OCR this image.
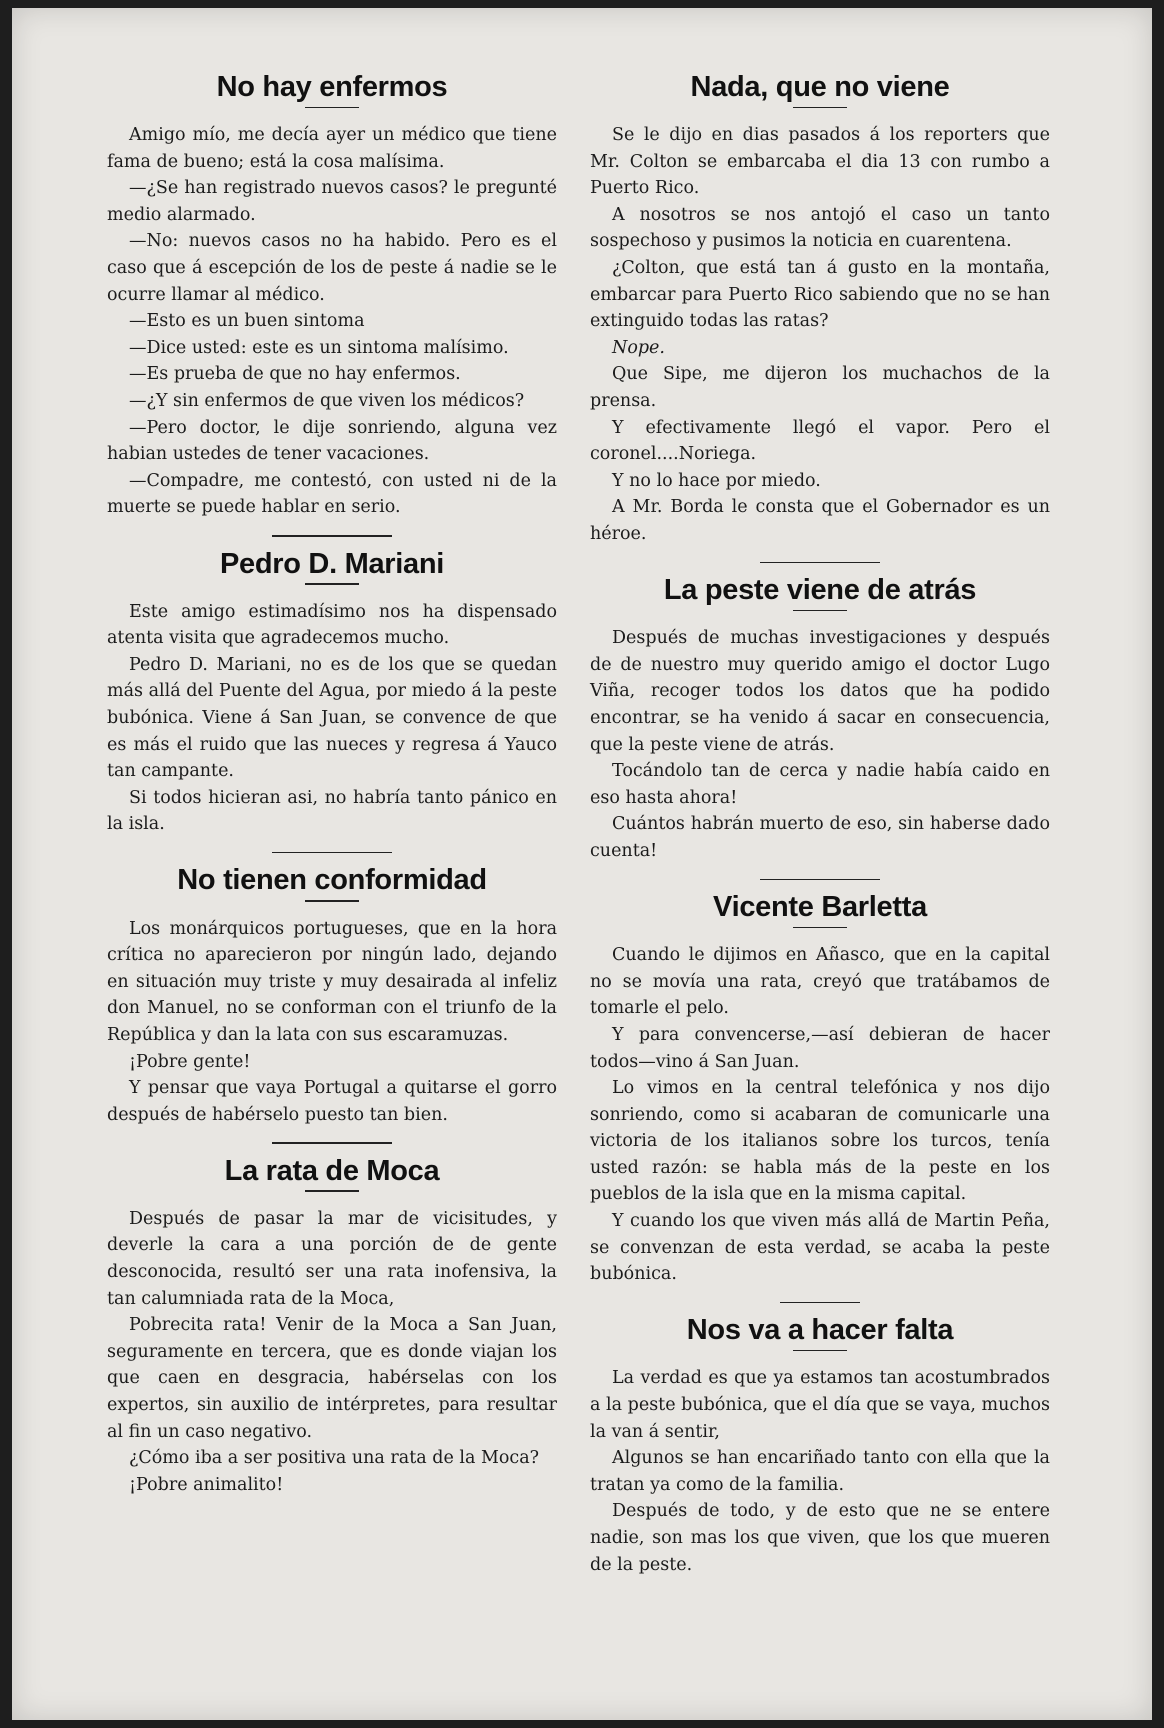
No hay enfermos

Amigo mío, me decía ayer un médico que tiene fama de bueno; está la cosa malísima.

—¿Se han registrado nuevos casos? le pregunté medio alarmado.

—No: nuevos casos no ha habido. Pero es el caso que á escepción de los de peste á nadie se le ocurre llamar al médico.

—Esto es un buen sintoma

—Dice usted: este es un sintoma malísimo.

—Es prueba de que no hay enfermos.

—¿Y sin enfermos de que viven los médicos?

—Pero doctor, le dije sonriendo, alguna vez habian ustedes de tener vacaciones.

—Compadre, me contestó, con usted ni de la muerte se puede hablar en serio.

Pedro D. Mariani

Este amigo estimadísimo nos ha dispensado atenta visita que agradecemos mucho.

Pedro D. Mariani, no es de los que se quedan más allá del Puente del Agua, por miedo á la peste bubónica. Viene á San Juan, se convence de que es más el ruido que las nueces y regresa á Yauco tan campante.

Si todos hicieran asi, no habría tanto pánico en la isla.

No tienen conformidad

Los monárquicos portugueses, que en la hora crítica no aparecieron por ningún lado, dejando en situación muy triste y muy desairada al infeliz don Manuel, no se conforman con el triunfo de la República y dan la lata con sus escaramuzas.

¡Pobre gente!

Y pensar que vaya Portugal a quitarse el gorro después de habérselo puesto tan bien.

La rata de Moca

Después de pasar la mar de vicisitudes, y deverle la cara a una porción de de gente desconocida, resultó ser una rata inofensiva, la tan calumniada rata de la Moca,

Pobrecita rata! Venir de la Moca a San Juan, seguramente en tercera, que es donde viajan los que caen en desgracia, habérselas con los expertos, sin auxilio de intérpretes, para resultar al fin un caso negativo.

¿Cómo iba a ser positiva una rata de la Moca?

¡Pobre animalito!

Nada, que no viene

Se le dijo en dias pasados á los reporters que Mr. Colton se embarcaba el dia 13 con rumbo a Puerto Rico.

A nosotros se nos antojó el caso un tanto sospechoso y pusimos la noticia en cuarentena.

¿Colton, que está tan á gusto en la montaña, embarcar para Puerto Rico sabiendo que no se han extinguido todas las ratas?

Nope.

Que Sipe, me dijeron los muchachos de la prensa.

Y efectivamente llegó el vapor. Pero el coronel....Noriega.

Y no lo hace por miedo.

A Mr. Borda le consta que el Gobernador es un héroe.

La peste viene de atrás

Después de muchas investigaciones y después de de nuestro muy querido amigo el doctor Lugo Viña, recoger todos los datos que ha podido encontrar, se ha venido á sacar en consecuencia, que la peste viene de atrás.

Tocándolo tan de cerca y nadie había caido en eso hasta ahora!

Cuántos habrán muerto de eso, sin haberse dado cuenta!

Vicente Barletta

Cuando le dijimos en Añasco, que en la capital no se movía una rata, creyó que tratábamos de tomarle el pelo.

Y para convencerse,—así debieran de hacer todos—vino á San Juan.

Lo vimos en la central telefónica y nos dijo sonriendo, como si acabaran de comunicarle una victoria de los italianos sobre los turcos, tenía usted razón: se habla más de la peste en los pueblos de la isla que en la misma capital.

Y cuando los que viven más allá de Martin Peña, se convenzan de esta verdad, se acaba la peste bubónica.

Nos va a hacer falta

La verdad es que ya estamos tan acostumbrados a la peste bubónica, que el día que se vaya, muchos la van á sentir,

Algunos se han encariñado tanto con ella que la tratan ya como de la familia.

Después de todo, y de esto que ne se entere nadie, son mas los que viven, que los que mueren de la peste.
